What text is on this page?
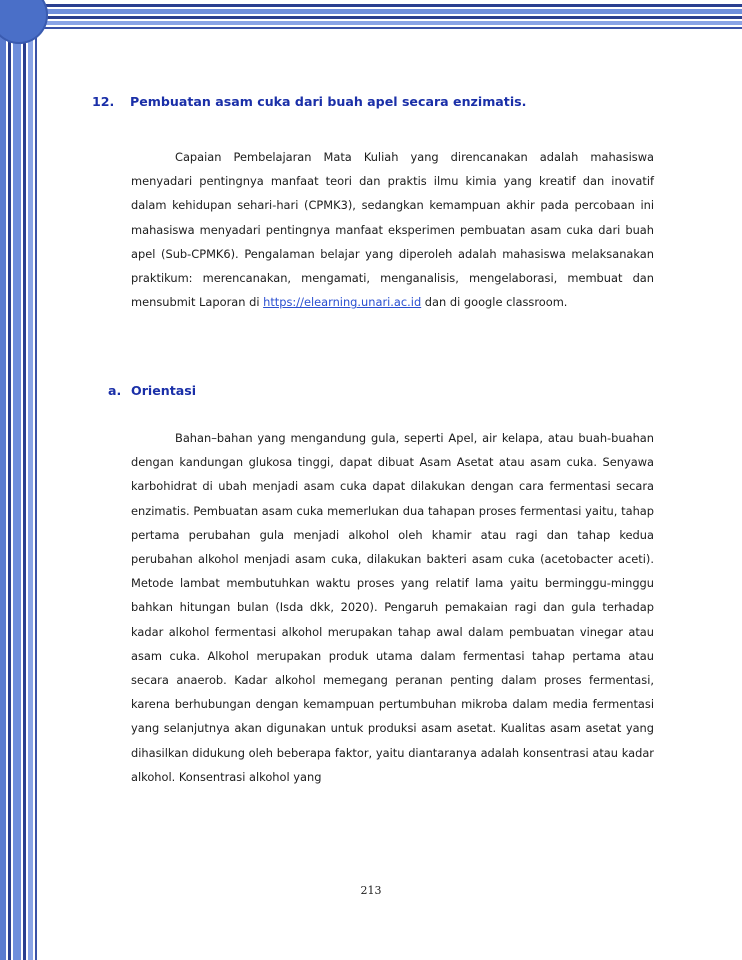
12. Pembuatan asam cuka dari buah apel secara enzimatis.

Capaian Pembelajaran Mata Kuliah yang direncanakan adalah mahasiswa menyadari pentingnya manfaat teori dan praktis ilmu kimia yang kreatif dan inovatif dalam kehidupan sehari-hari (CPMK3), sedangkan kemampuan akhir pada percobaan ini mahasiswa menyadari pentingnya manfaat eksperimen pembuatan asam cuka dari buah apel (Sub-CPMK6). Pengalaman belajar yang diperoleh adalah mahasiswa melaksanakan praktikum: merencanakan, mengamati, menganalisis, mengelaborasi, membuat dan mensubmit Laporan di https://elearning.unari.ac.id dan di google classroom.

a. Orientasi

Bahan–bahan yang mengandung gula, seperti Apel, air kelapa, atau buah-buahan dengan kandungan glukosa tinggi, dapat dibuat Asam Asetat atau asam cuka. Senyawa karbohidrat di ubah menjadi asam cuka dapat dilakukan dengan cara fermentasi secara enzimatis. Pembuatan asam cuka memerlukan dua tahapan proses fermentasi yaitu, tahap pertama perubahan gula menjadi alkohol oleh khamir atau ragi dan tahap kedua perubahan alkohol menjadi asam cuka, dilakukan bakteri asam cuka (acetobacter aceti). Metode lambat membutuhkan waktu proses yang relatif lama yaitu berminggu-minggu bahkan hitungan bulan (Isda dkk, 2020). Pengaruh pemakaian ragi dan gula terhadap kadar alkohol fermentasi alkohol merupakan tahap awal dalam pembuatan vinegar atau asam cuka. Alkohol merupakan produk utama dalam fermentasi tahap pertama atau secara anaerob. Kadar alkohol memegang peranan penting dalam proses fermentasi, karena berhubungan dengan kemampuan pertumbuhan mikroba dalam media fermentasi yang selanjutnya akan digunakan untuk produksi asam asetat. Kualitas asam asetat yang dihasilkan didukung oleh beberapa faktor, yaitu diantaranya adalah konsentrasi atau kadar alkohol. Konsentrasi alkohol yang

213
